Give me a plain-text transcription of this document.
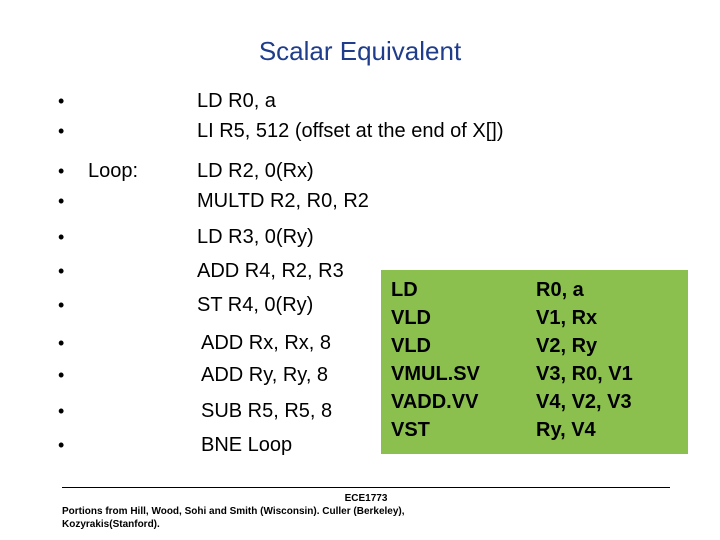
Scalar Equivalent
•	LD R0, a
•	LI R5, 512 (offset at the end of X[])
• Loop:	LD R2, 0(Rx)
•	MULTD R2, R0, R2
•	LD R3, 0(Ry)
•	ADD R4, R2, R3
•	ST R4, 0(Ry)
•	ADD Rx, Rx, 8
•	ADD Ry, Ry, 8
•	SUB R5, R5, 8
•	BNE Loop
LD	R0, a
VLD	V1, Rx
VLD	V2, Ry
VMUL.SV	V3, R0, V1
VADD.VV	V4, V2, V3
VST	Ry, V4
ECE1773
Portions from Hill, Wood, Sohi and Smith (Wisconsin). Culler (Berkeley),
Kozyrakis(Stanford).
